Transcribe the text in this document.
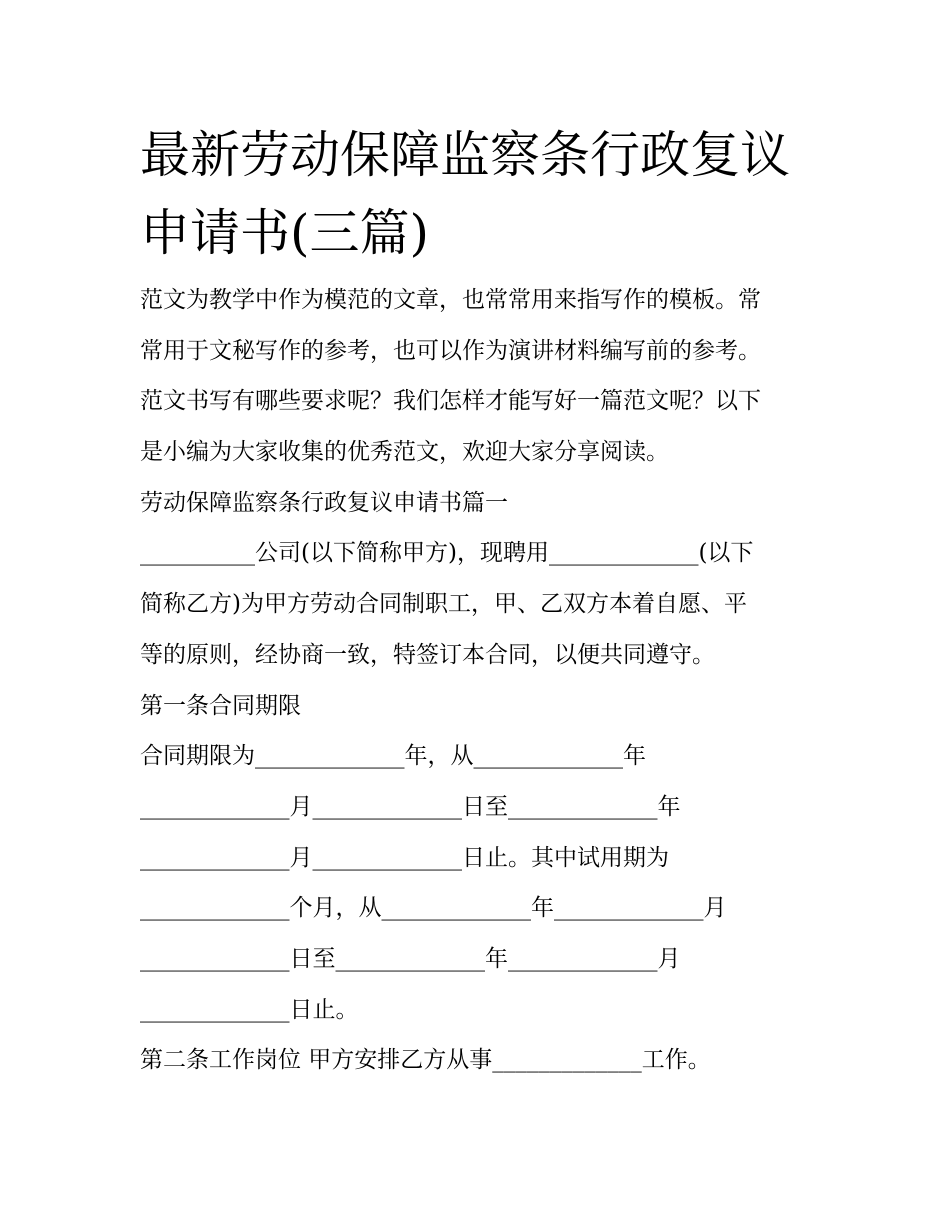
最新劳动保障监察条行政复议
申请书(三篇)
范文为教学中作为模范的文章，也常常用来指写作的模板。常
常用于文秘写作的参考，也可以作为演讲材料编写前的参考。
范文书写有哪些要求呢？我们怎样才能写好一篇范文呢？以下
是小编为大家收集的优秀范文，欢迎大家分享阅读。
劳动保障监察条行政复议申请书篇一
__________公司(以下简称甲方)，现聘用_____________(以下
简称乙方)为甲方劳动合同制职工，甲、乙双方本着自愿、平
等的原则，经协商一致，特签订本合同，以便共同遵守。
第一条合同期限
合同期限为_____________年，从_____________年
_____________月_____________日至_____________年
_____________月_____________日止。其中试用期为
_____________个月，从_____________年_____________月
_____________日至_____________年_____________月
_____________日止。
第二条工作岗位 甲方安排乙方从事_____________工作。
